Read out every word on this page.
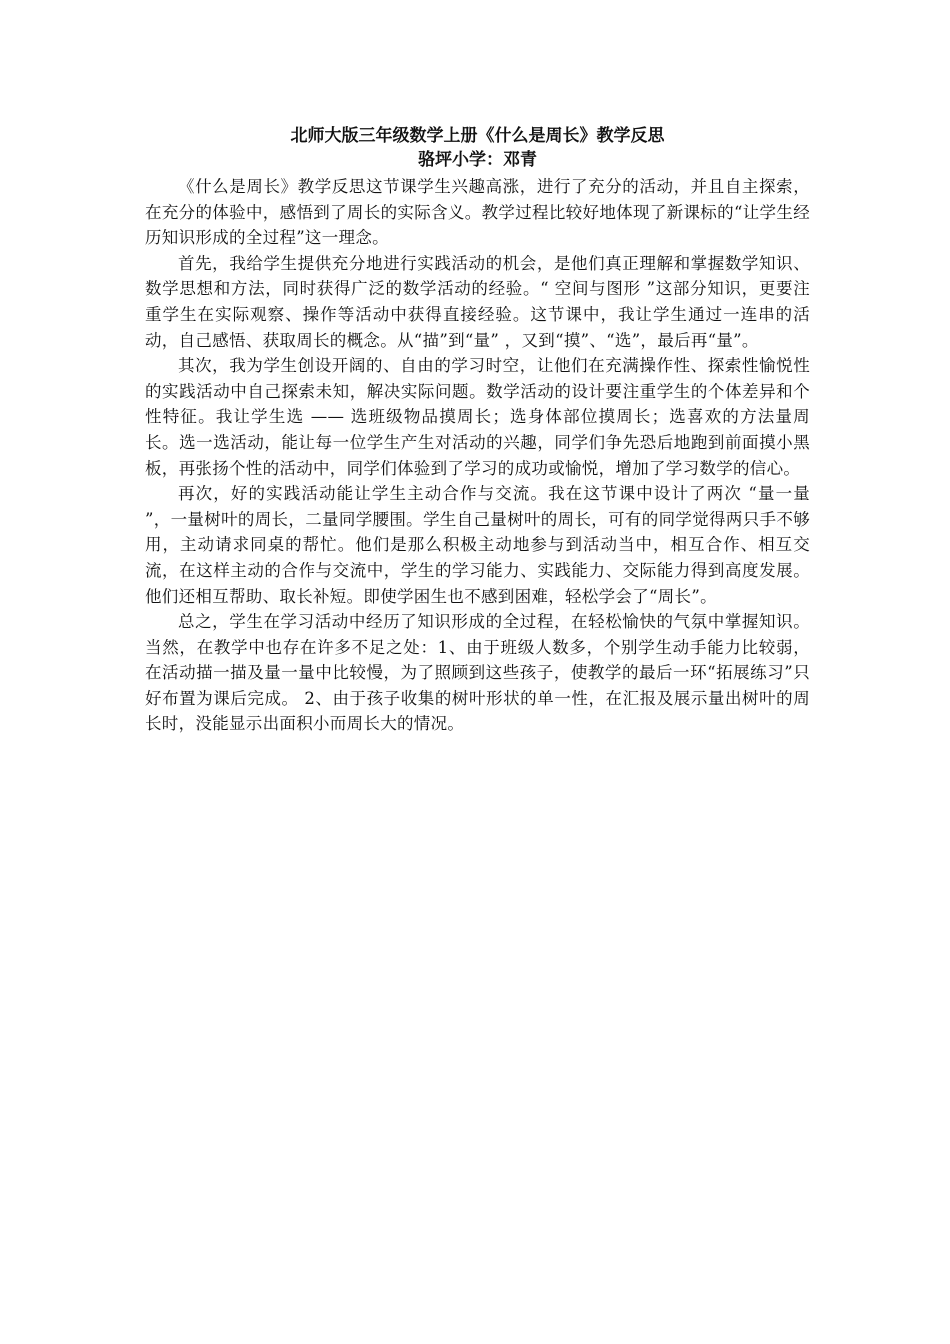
北师大版三年级数学上册《什么是周长》教学反思
骆坪小学：邓青

《什么是周长》教学反思这节课学生兴趣高涨，进行了充分的活动，并且自主探索，在充分的体验中，感悟到了周长的实际含义。教学过程比较好地体现了新课标的“让学生经历知识形成的全过程”这一理念。

首先，我给学生提供充分地进行实践活动的机会，是他们真正理解和掌握数学知识、数学思想和方法，同时获得广泛的数学活动的经验。“ 空间与图形 ”这部分知识，更要注重学生在实际观察、操作等活动中获得直接经验。这节课中，我让学生通过一连串的活动，自己感悟、获取周长的概念。从“描”到“量” ，又到“摸”、“选”，最后再“量”。

其次，我为学生创设开阔的、自由的学习时空，让他们在充满操作性、探索性愉悦性的实践活动中自己探索未知，解决实际问题。数学活动的设计要注重学生的个体差异和个性特征。我让学生选 —— 选班级物品摸周长；选身体部位摸周长；选喜欢的方法量周长。选一选活动，能让每一位学生产生对活动的兴趣，同学们争先恐后地跑到前面摸小黑板，再张扬个性的活动中，同学们体验到了学习的成功或愉悦，增加了学习数学的信心。

再次，好的实践活动能让学生主动合作与交流。我在这节课中设计了两次 “量一量 ”，一量树叶的周长，二量同学腰围。学生自己量树叶的周长，可有的同学觉得两只手不够用，主动请求同桌的帮忙。他们是那么积极主动地参与到活动当中，相互合作、相互交流，在这样主动的合作与交流中，学生的学习能力、实践能力、交际能力得到高度发展。他们还相互帮助、取长补短。即使学困生也不感到困难，轻松学会了“周长”。

总之，学生在学习活动中经历了知识形成的全过程，在轻松愉快的气氛中掌握知识。当然，在教学中也存在许多不足之处：1、由于班级人数多，个别学生动手能力比较弱，在活动描一描及量一量中比较慢，为了照顾到这些孩子，使教学的最后一环“拓展练习”只好布置为课后完成。 2、由于孩子收集的树叶形状的单一性，在汇报及展示量出树叶的周长时，没能显示出面积小而周长大的情况。
